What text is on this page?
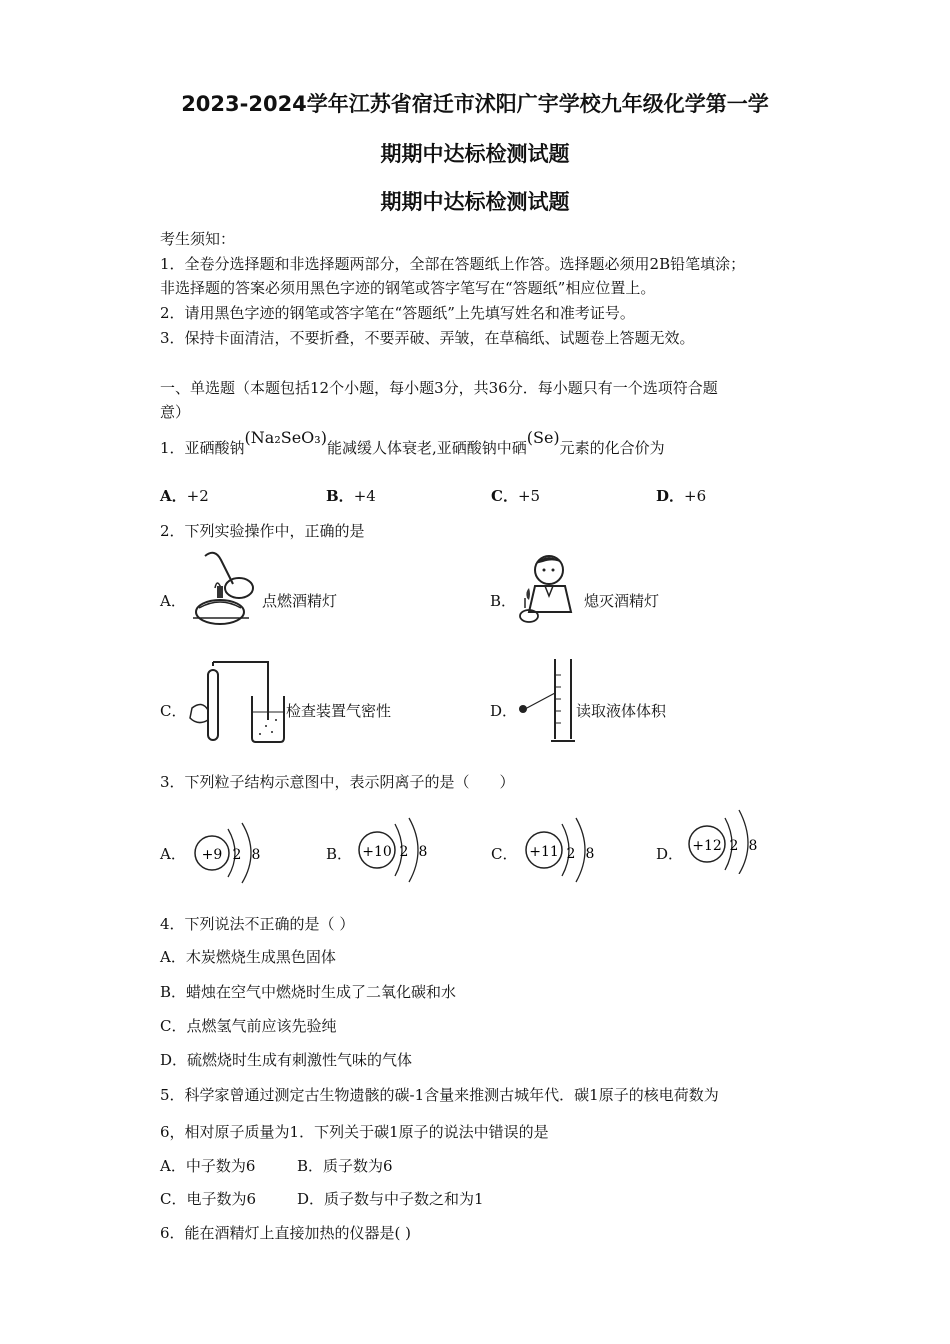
2023-2024学年江苏省宿迁市沭阳广宇学校九年级化学第一学
期期中达标检测试题
期期中达标检测试题
考生须知：
1．全卷分选择题和非选择题两部分，全部在答题纸上作答。选择题必须用2B铅笔填涂；
非选择题的答案必须用黑色字迹的钢笔或答字笔写在“答题纸”相应位置上。
2．请用黑色字迹的钢笔或答字笔在“答题纸”上先填写姓名和准考证号。
3．保持卡面清洁，不要折叠，不要弄破、弄皱，在草稿纸、试题卷上答题无效。
一、单选题（本题包括12个小题，每小题3分，共36分．每小题只有一个选项符合题
意）
1．亚硒酸钠(Na₂SeO₃)能减缓人体衰老,亚硒酸钠中硒(Se)元素的化合价为
A．+2	B．+4	C．+5	D．+6
2．下列实验操作中，正确的是
A．	点燃酒精灯	B．	熄灭酒精灯
C．	检查装置气密性	D．	读取液体体积
3．下列粒子结构示意图中，表示阴离子的是（　　）
A． +9 2 8	B． +10 2 8	C． +11 2 8	D． +12 2 8
4．下列说法不正确的是（ ）
A．木炭燃烧生成黑色固体
B．蜡烛在空气中燃烧时生成了二氧化碳和水
C．点燃氢气前应该先验纯
D．硫燃烧时生成有刺激性气味的气体
5．科学家曾通过测定古生物遗骸的碳-1含量来推测古城年代．碳1原子的核电荷数为
6，相对原子质量为1．下列关于碳1原子的说法中错误的是
A．中子数为6	B．质子数为6
C．电子数为6	D．质子数与中子数之和为1
6．能在酒精灯上直接加热的仪器是( )
